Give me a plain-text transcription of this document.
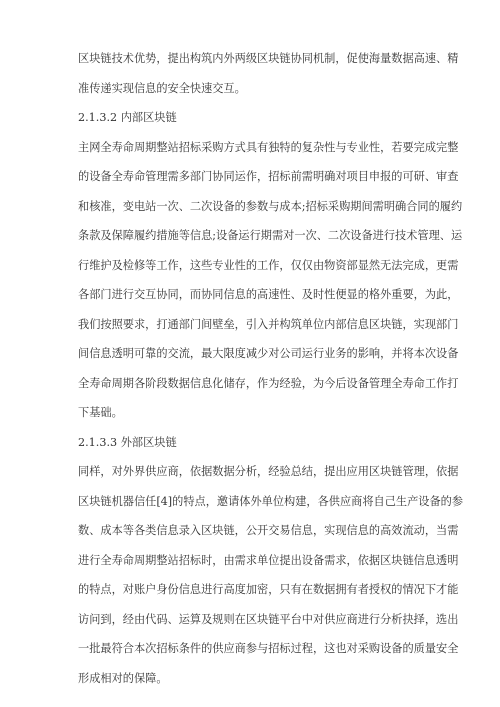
区块链技术优势，提出构筑内外两级区块链协同机制，促使海量数据高速、精
准传递实现信息的安全快速交互。
2.1.3.2 内部区块链
主网全寿命周期整站招标采购方式具有独特的复杂性与专业性，若要完成完整
的设备全寿命管理需多部门协同运作，招标前需明确对项目申报的可研、审查
和核准，变电站一次、二次设备的参数与成本;招标采购期间需明确合同的履约
条款及保障履约措施等信息;设备运行期需对一次、二次设备进行技术管理、运
行维护及检修等工作，这些专业性的工作，仅仅由物资部显然无法完成，更需
各部门进行交互协同，而协同信息的高速性、及时性便显的格外重要，为此，
我们按照要求，打通部门间壁垒，引入并构筑单位内部信息区块链，实现部门
间信息透明可靠的交流，最大限度减少对公司运行业务的影响，并将本次设备
全寿命周期各阶段数据信息化储存，作为经验，为今后设备管理全寿命工作打
下基础。
2.1.3.3 外部区块链
同样，对外界供应商，依据数据分析，经验总结，提出应用区块链管理，依据
区块链机器信任[4]的特点，邀请体外单位构建，各供应商将自己生产设备的参
数、成本等各类信息录入区块链，公开交易信息，实现信息的高效流动，当需
进行全寿命周期整站招标时，由需求单位提出设备需求，依据区块链信息透明
的特点，对账户身份信息进行高度加密，只有在数据拥有者授权的情况下才能
访问到，经由代码、运算及规则在区块链平台中对供应商进行分析抉择，选出
一批最符合本次招标条件的供应商参与招标过程，这也对采购设备的质量安全
形成相对的保障。
